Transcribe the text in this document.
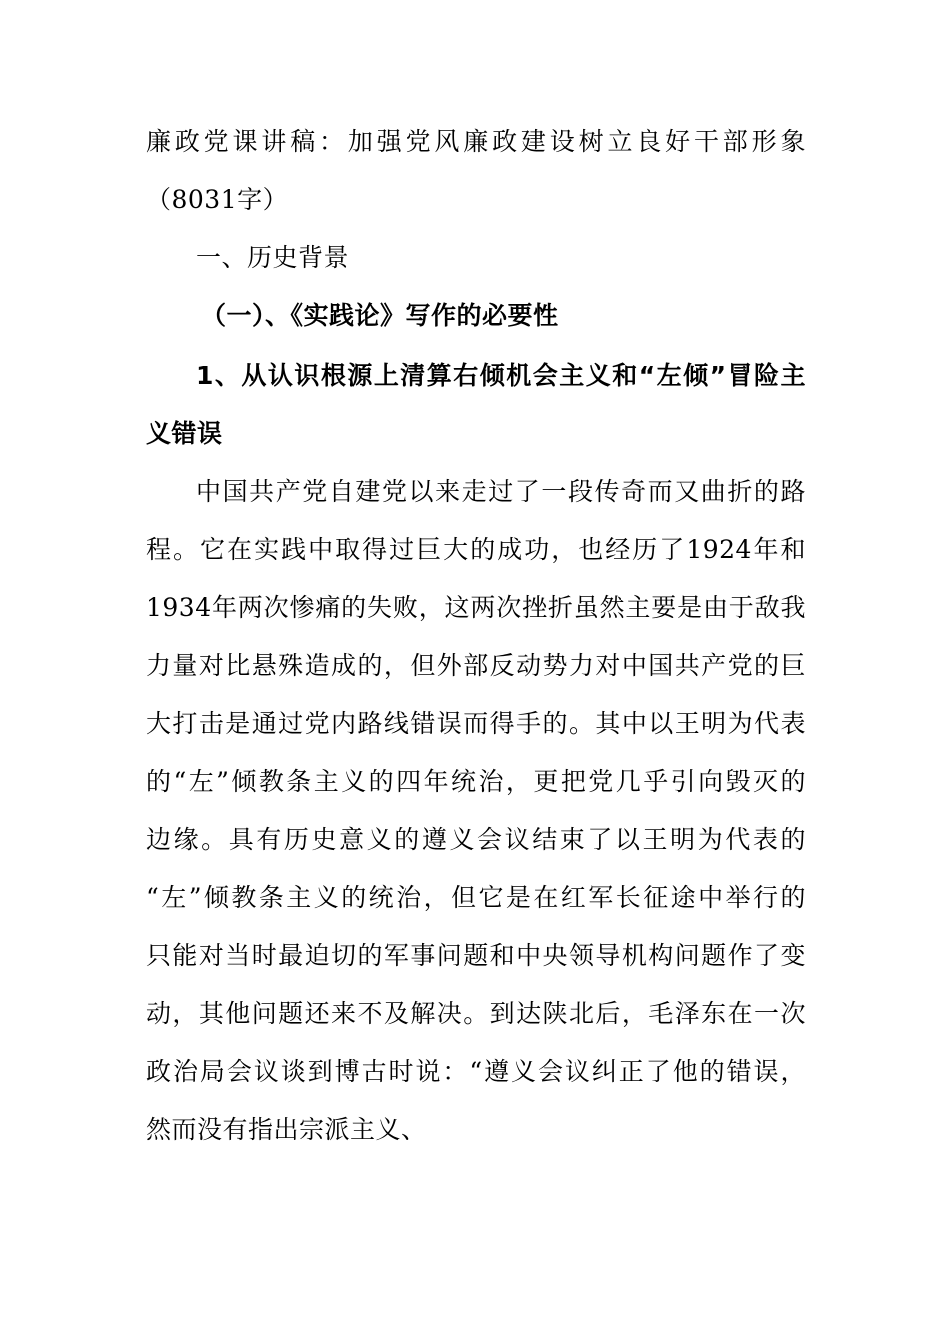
廉政党课讲稿：加强党风廉政建设树立良好干部形象
（8031字）
一、历史背景
（一）、《实践论》写作的必要性
1、从认识根源上清算右倾机会主义和“左倾”冒险主
义错误
中国共产党自建党以来走过了一段传奇而又曲折的路
程。它在实践中取得过巨大的成功，也经历了1924年和
1934年两次惨痛的失败，这两次挫折虽然主要是由于敌我
力量对比悬殊造成的，但外部反动势力对中国共产党的巨
大打击是通过党内路线错误而得手的。其中以王明为代表
的“左”倾教条主义的四年统治，更把党几乎引向毁灭的
边缘。具有历史意义的遵义会议结束了以王明为代表的
“左”倾教条主义的统治，但它是在红军长征途中举行的
只能对当时最迫切的军事问题和中央领导机构问题作了变
动，其他问题还来不及解决。到达陕北后，毛泽东在一次
政治局会议谈到博古时说：“遵义会议纠正了他的错误，
然而没有指出宗派主义、
